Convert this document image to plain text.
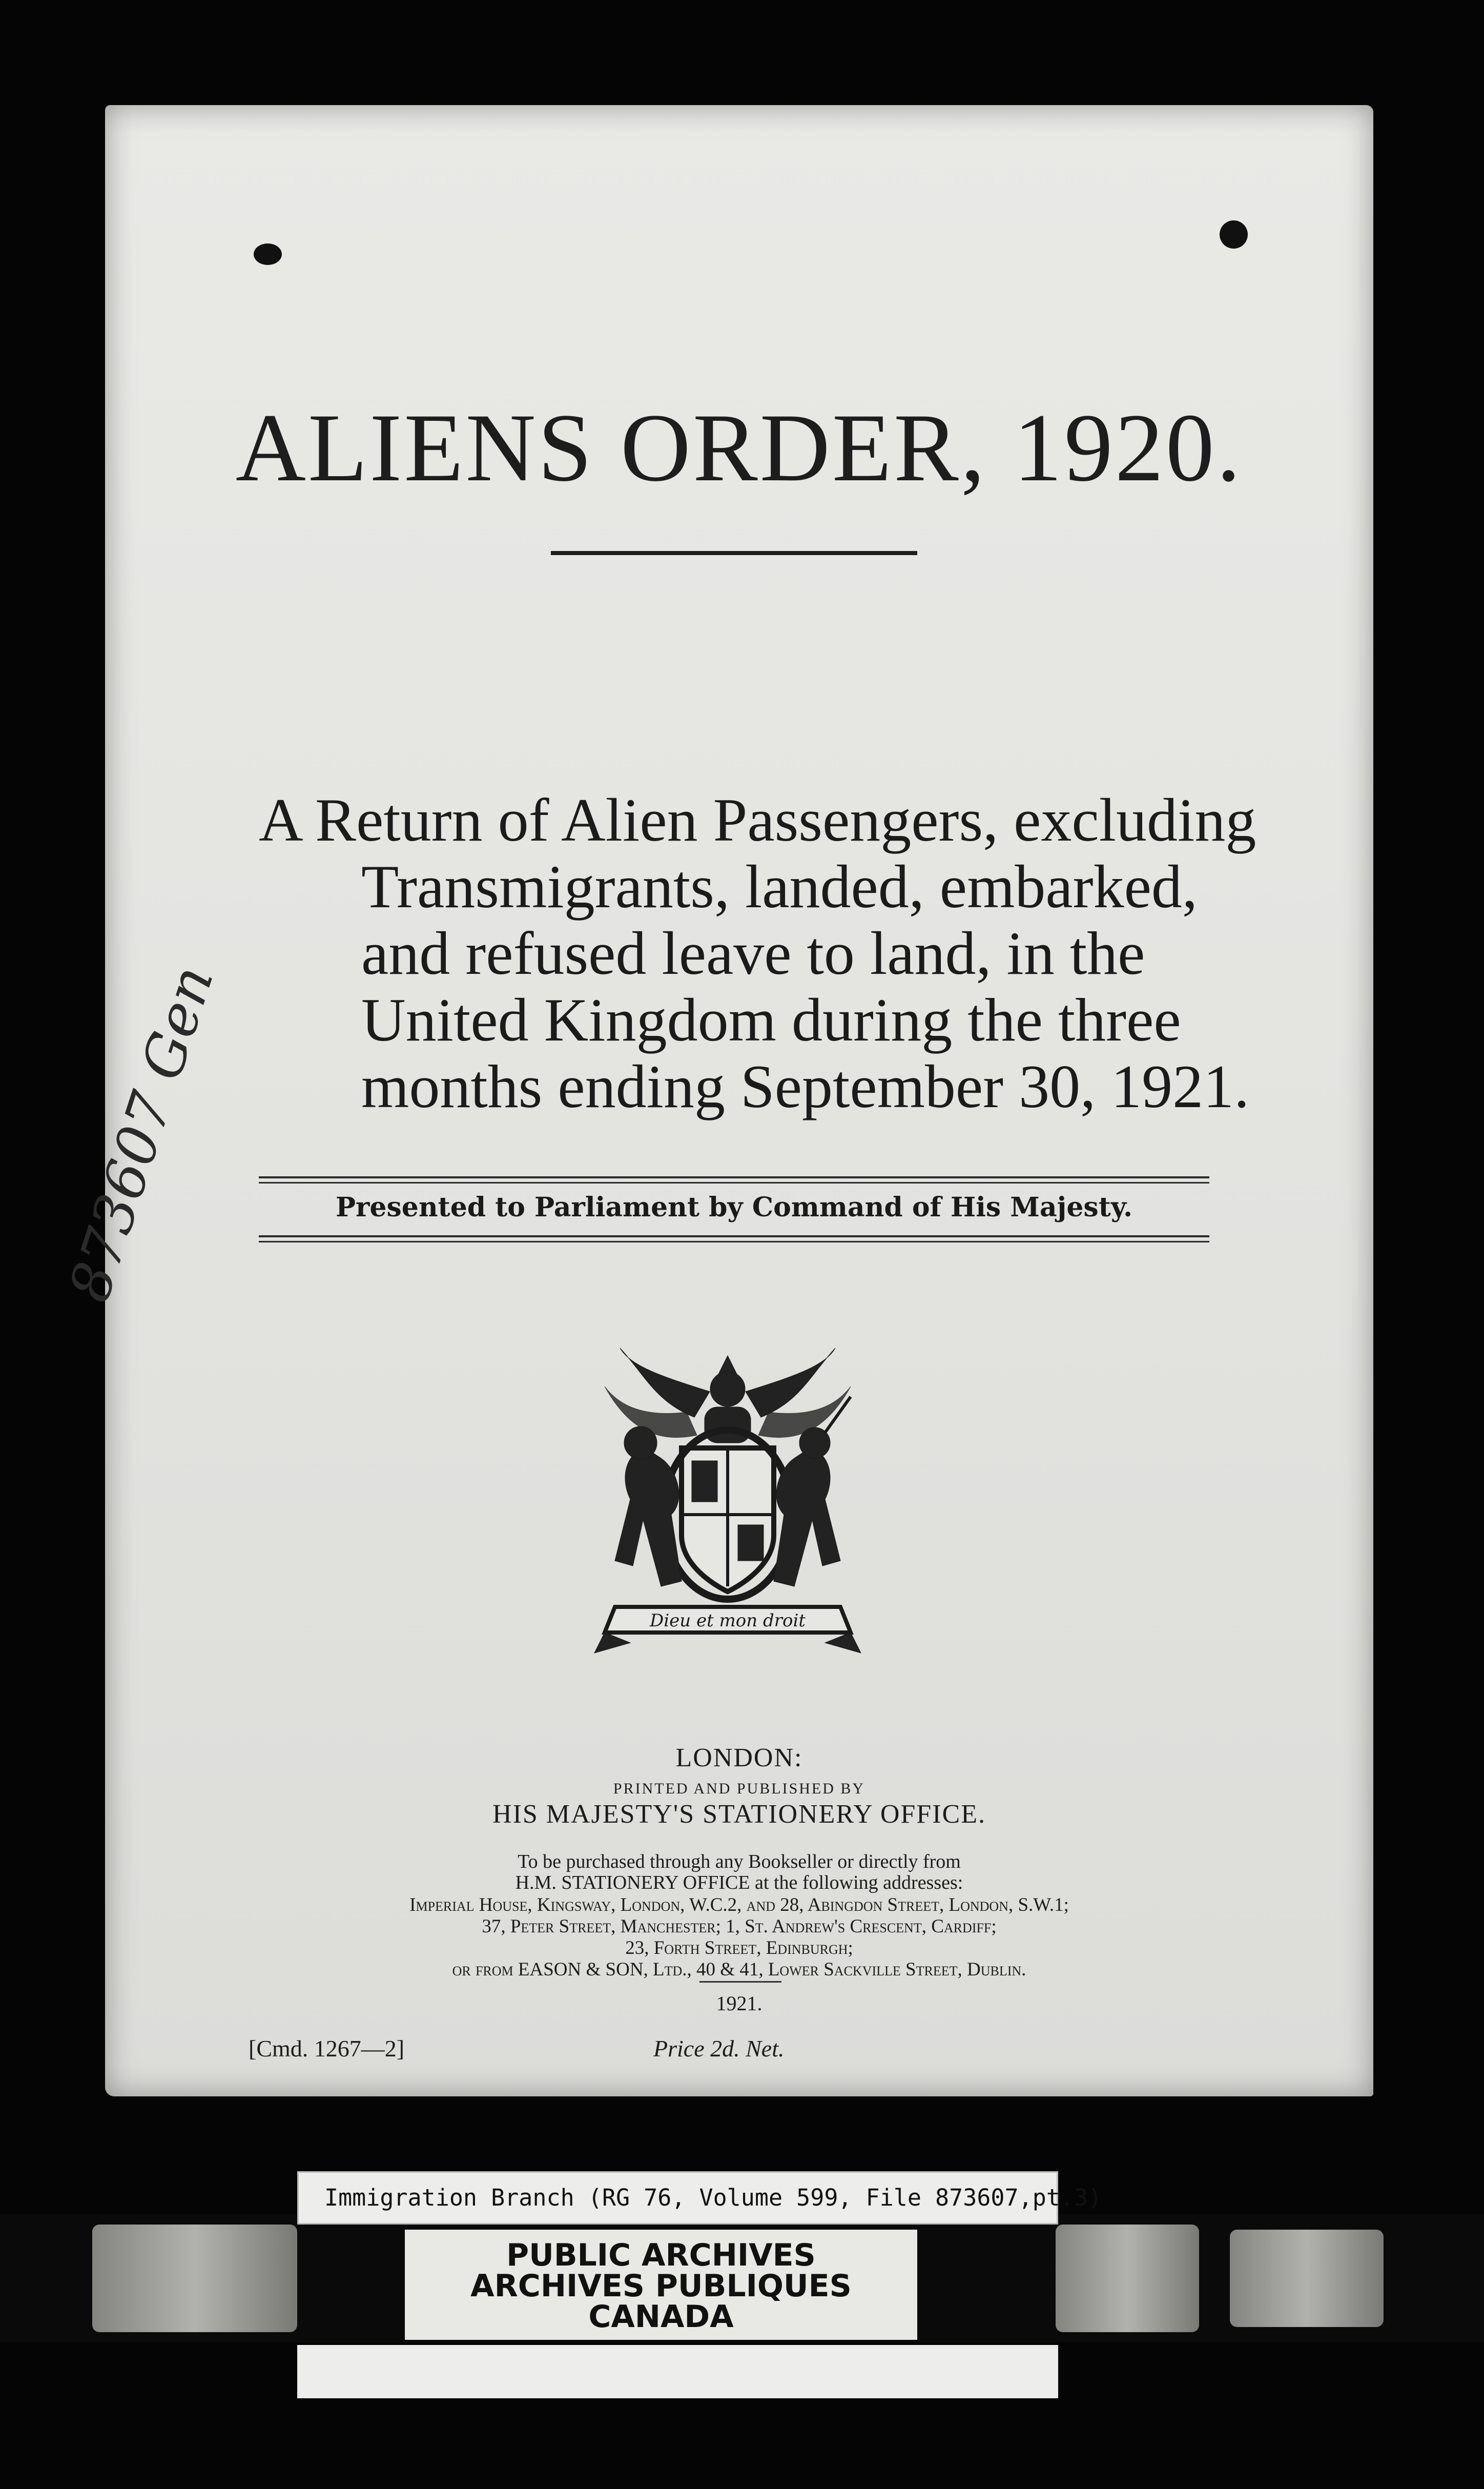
ALIENS ORDER, 1920.
A Return of Alien Passengers, excluding
Transmigrants, landed, embarked,
and refused leave to land, in the
United Kingdom during the three
months ending September 30, 1921.
873607 Gen	Presented to Parliament by Command of His Majesty.
Dieu et mon droit
LONDON:
PRINTED AND PUBLISHED BY
HIS MAJESTY'S STATIONERY OFFICE.
To be purchased through any Bookseller or directly from
H.M. STATIONERY OFFICE at the following addresses:
Imperial House, Kingsway, London, W.C.2, and 28, Abingdon Street, London, S.W.1;
37, Peter Street, Manchester; 1, St. Andrew's Crescent, Cardiff;
23, Forth Street, Edinburgh;
or from EASON & SON, Ltd., 40 & 41, Lower Sackville Street, Dublin.
1921.
[Cmd. 1267—2]	Price 2d. Net.
Immigration Branch (RG 76, Volume 599, File 873607,pt.3)
PUBLIC ARCHIVES
ARCHIVES PUBLIQUES
CANADA
